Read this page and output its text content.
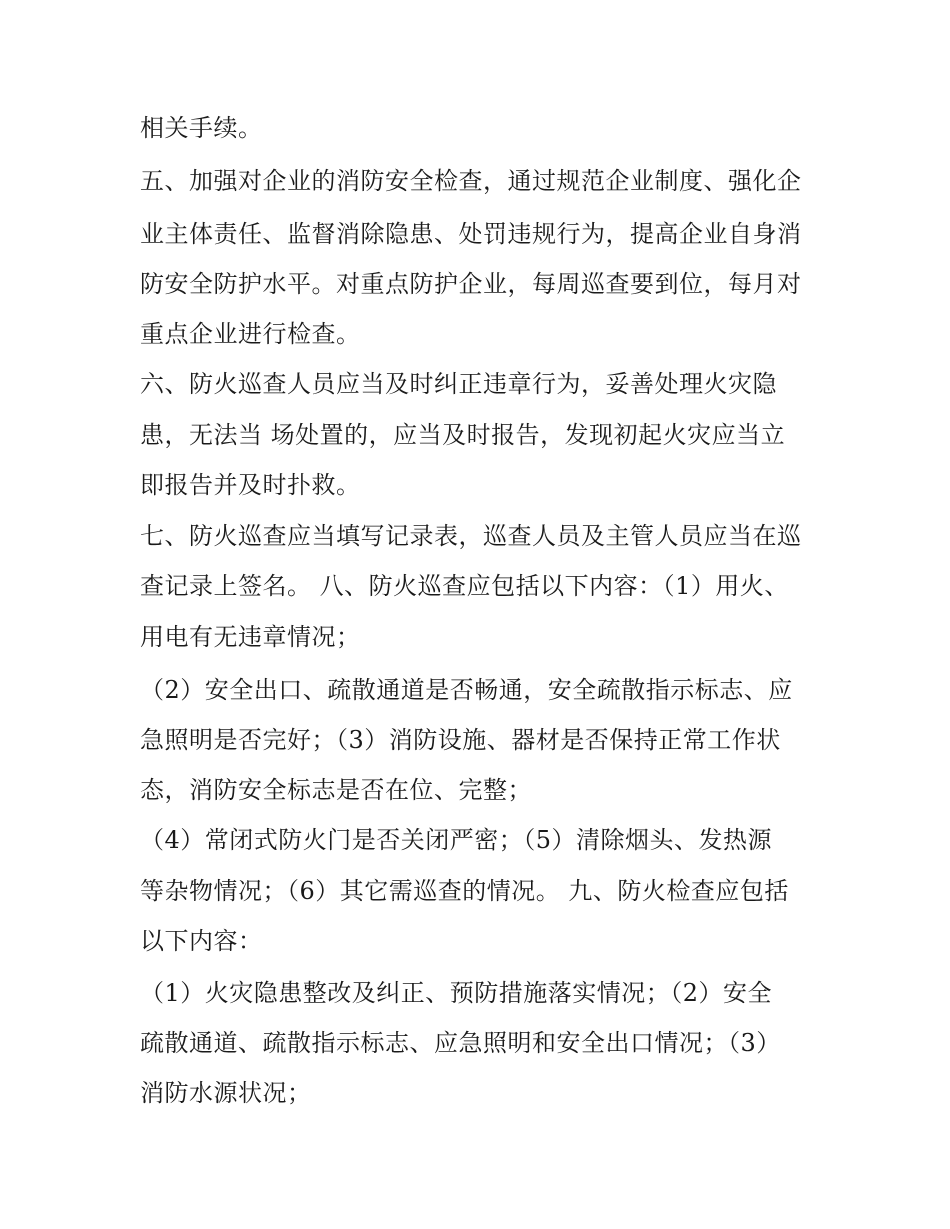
相关手续。
五、加强对企业的消防安全检查，通过规范企业制度、强化企
业主体责任、监督消除隐患、处罚违规行为，提高企业自身消
防安全防护水平。对重点防护企业，每周巡查要到位，每月对
重点企业进行检查。
六、防火巡查人员应当及时纠正违章行为，妥善处理火灾隐
患，无法当 场处置的，应当及时报告，发现初起火灾应当立
即报告并及时扑救。
七、防火巡查应当填写记录表，巡查人员及主管人员应当在巡
查记录上签名。 八、防火巡查应包括以下内容：（1）用火、
用电有无违章情况；
（2）安全出口、疏散通道是否畅通，安全疏散指示标志、应
急照明是否完好；（3）消防设施、器材是否保持正常工作状
态，消防安全标志是否在位、完整；
（4）常闭式防火门是否关闭严密；（5）清除烟头、发热源
等杂物情况；（6）其它需巡查的情况。 九、防火检查应包括
以下内容：
（1）火灾隐患整改及纠正、预防措施落实情况；（2）安全
疏散通道、疏散指示标志、应急照明和安全出口情况；（3）
消防水源状况；
